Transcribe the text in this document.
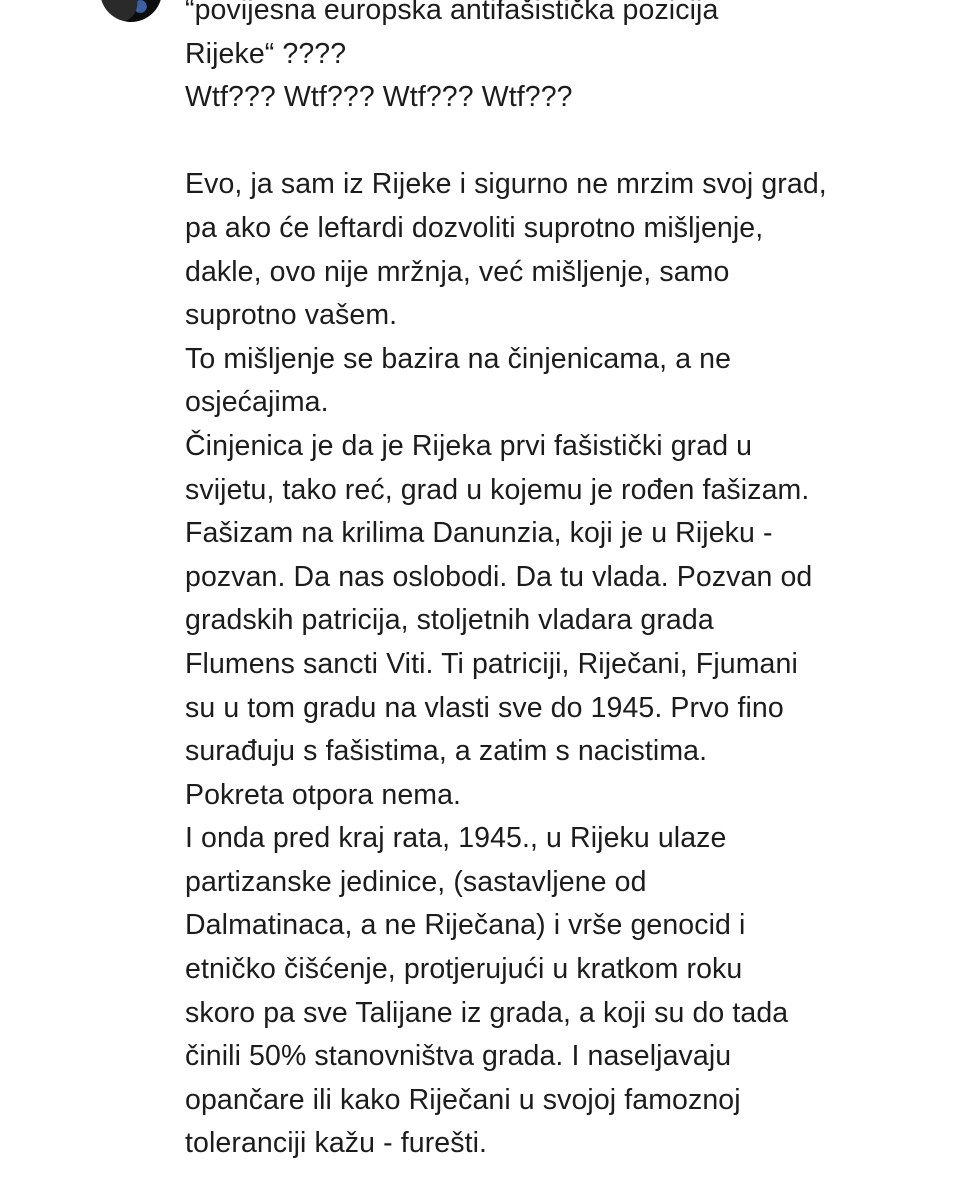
“povijesna europska antifašistička pozicija
Rijeke“ ????
Wtf??? Wtf??? Wtf??? Wtf???
Evo, ja sam iz Rijeke i sigurno ne mrzim svoj grad,
pa ako će leftardi dozvoliti suprotno mišljenje,
dakle, ovo nije mržnja, već mišljenje, samo
suprotno vašem.
To mišljenje se bazira na činjenicama, a ne
osjećajima.
Činjenica je da je Rijeka prvi fašistički grad u
svijetu, tako reć, grad u kojemu je rođen fašizam.
Fašizam na krilima Danunzia, koji je u Rijeku -
pozvan. Da nas oslobodi. Da tu vlada. Pozvan od
gradskih patricija, stoljetnih vladara grada
Flumens sancti Viti. Ti patriciji, Riječani, Fjumani
su u tom gradu na vlasti sve do 1945. Prvo fino
surađuju s fašistima, a zatim s nacistima.
Pokreta otpora nema.
I onda pred kraj rata, 1945., u Rijeku ulaze
partizanske jedinice, (sastavljene od
Dalmatinaca, a ne Riječana) i vrše genocid i
etničko čišćenje, protjerujući u kratkom roku
skoro pa sve Talijane iz grada, a koji su do tada
činili 50% stanovništva grada. I naseljavaju
opančare ili kako Riječani u svojoj famoznoj
toleranciji kažu - furešti.
